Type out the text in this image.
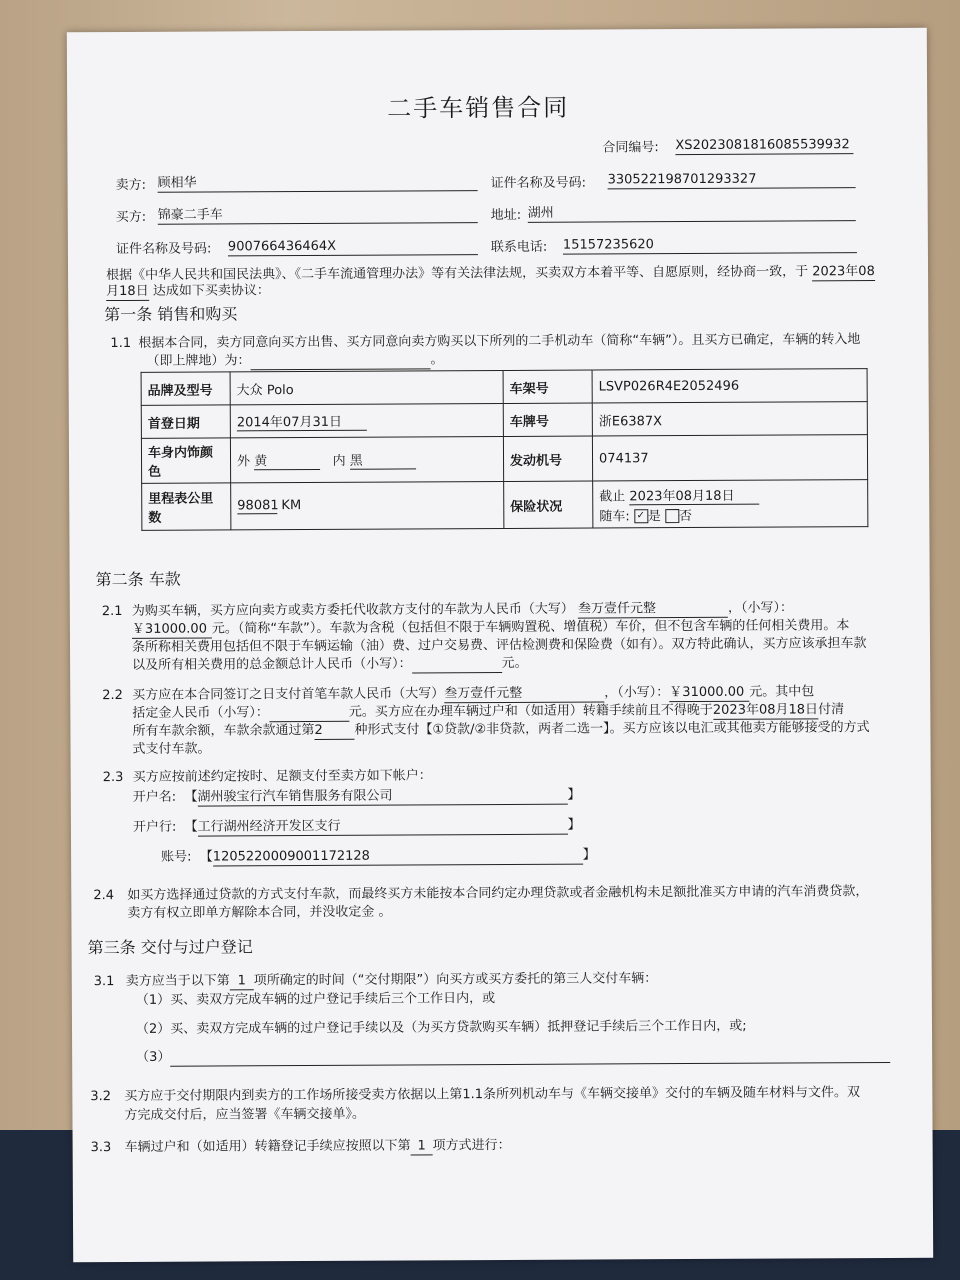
二手车销售合同
合同编号: XS2023081816085539932
卖方: 顾相华	证件名称及号码: 330522198701293327
买方: 锦豪二手车	地址: 湖州
证件名称及号码: 900766436464X	联系电话: 15157235620
根据《中华人民共和国民法典》、《二手车流通管理办法》等有关法律法规，买卖双方本着平等、自愿原则，经协商一致，于 2023年08
月18日 达成如下买卖协议：
第一条 销售和购买
1.1 根据本合同，卖方同意向买方出售、买方同意向卖方购买以下所列的二手机动车（简称“车辆”）。且买方已确定，车辆的转入地
（即上牌地）为：	。
品牌及型号	大众 Polo	车架号	LSVP026R4E2052496
首登日期	2014年07月31日	车牌号	浙E6387X
车身内饰颜色	外 黄 内 黑	发动机号	074137
里程表公里数	98081 KM	保险状况	截止 2023年08月18日
随车: ✓ 是 否
第二条 车款
2.1 为购买车辆，买方应向卖方或卖方委托代收款方支付的车款为人民币（大写） 叁万壹仟元整	，（小写）：
￥31000.00 元。（简称“车款”）。车款为含税（包括但不限于车辆购置税、增值税）车价，但不包含车辆的任何相关费用。本
条所称相关费用包括但不限于车辆运输（油）费、过户交易费、评估检测费和保险费（如有）。双方特此确认，买方应该承担车款
以及所有相关费用的总金额总计人民币（小写）：	元。
2.2 买方应在本合同签订之日支付首笔车款人民币（大写）叁万壹仟元整	，（小写）：￥31000.00 元。其中包
括定金人民币（小写）：	元。买方应在办理车辆过户和（如适用）转籍手续前且不得晚于2023年08月18日付清
所有车款余额，车款余款通过第2 种形式支付【①贷款/②非贷款，两者二选一】。买方应该以电汇或其他卖方能够接受的方式
式支付车款。
2.3 买方应按前述约定按时、足额支付至卖方如下帐户：
开户名: 【湖州骏宝行汽车销售服务有限公司	】
开户行: 【工行湖州经济开发区支行	】
账号: 【1205220009001172128	】
2.4 如买方选择通过贷款的方式支付车款，而最终买方未能按本合同约定办理贷款或者金融机构未足额批准买方申请的汽车消费贷款，
卖方有权立即单方解除本合同，并没收定金 。
第三条 交付与过户登记
3.1 卖方应当于以下第 1 项所确定的时间（“交付期限”）向买方或买方委托的第三人交付车辆：
（1）买、卖双方完成车辆的过户登记手续后三个工作日内，或
（2）买、卖双方完成车辆的过户登记手续以及（为买方贷款购买车辆）抵押登记手续后三个工作日内，或;
（3）
3.2 买方应于交付期限内到卖方的工作场所接受卖方依据以上第1.1条所列机动车与《车辆交接单》交付的车辆及随车材料与文件。双
方完成交付后，应当签署《车辆交接单》。
3.3 车辆过户和（如适用）转籍登记手续应按照以下第 1 项方式进行：
